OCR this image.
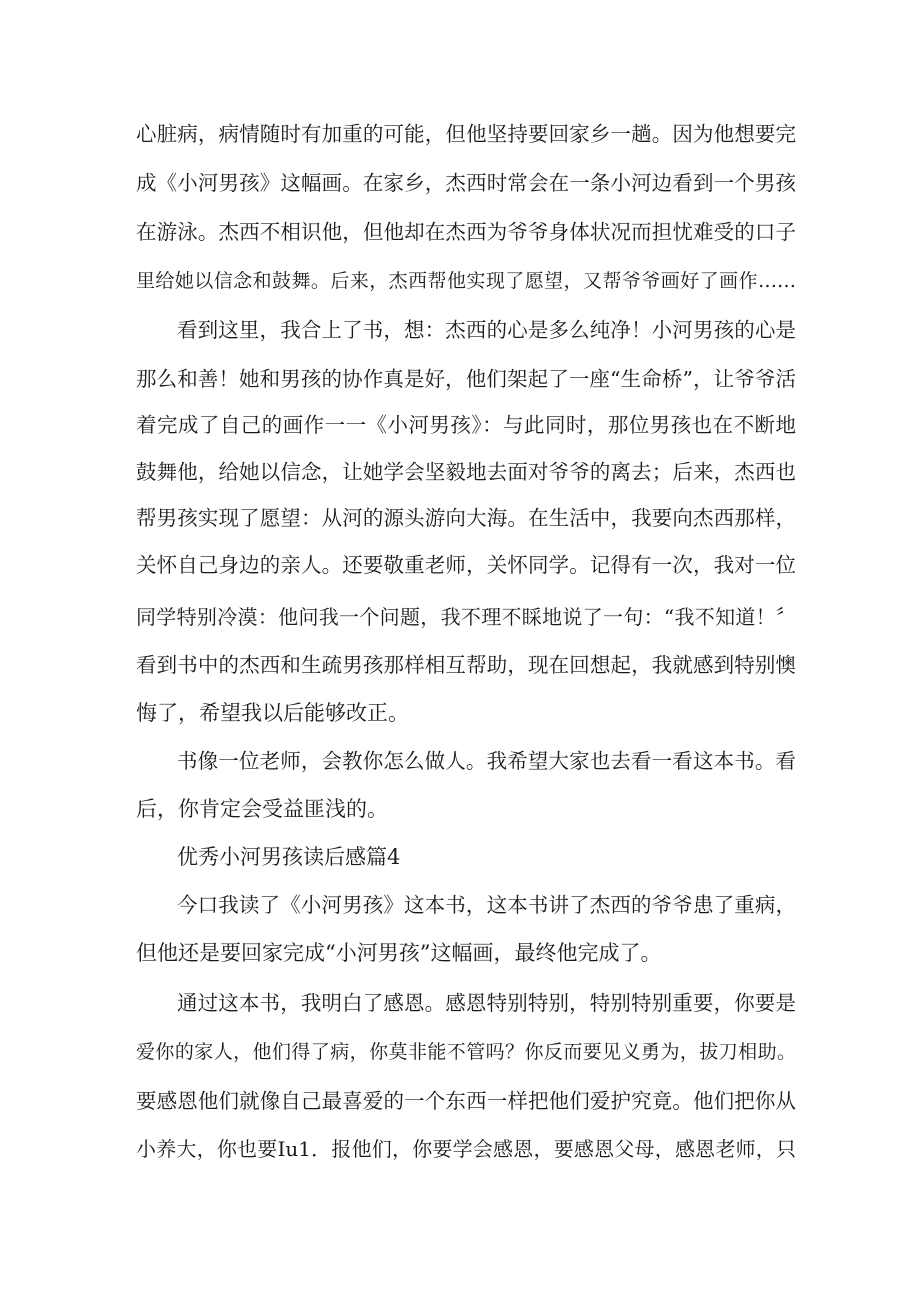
心脏病，病情随时有加重的可能，但他坚持要回家乡一趟。因为他想要完
成《小河男孩》这幅画。在家乡，杰西时常会在一条小河边看到一个男孩
在游泳。杰西不相识他，但他却在杰西为爷爷身体状况而担忧难受的口子
里给她以信念和鼓舞。后来，杰西帮他实现了愿望，又帮爷爷画好了画作……
看到这里，我合上了书，想：杰西的心是多么纯净！小河男孩的心是
那么和善！她和男孩的协作真是好，他们架起了一座“生命桥”，让爷爷活
着完成了自己的画作一一《小河男孩》：与此同时，那位男孩也在不断地
鼓舞他，给她以信念，让她学会坚毅地去面对爷爷的离去；后来，杰西也
帮男孩实现了愿望：从河的源头游向大海。在生活中，我要向杰西那样，
关怀自己身边的亲人。还要敬重老师，关怀同学。记得有一次，我对一位
同学特别冷漠：他问我一个问题，我不理不睬地说了一句：“我不知道！〞
看到书中的杰西和生疏男孩那样相互帮助，现在回想起，我就感到特别懊
悔了，希望我以后能够改正。
书像一位老师，会教你怎么做人。我希望大家也去看一看这本书。看
后，你肯定会受益匪浅的。
优秀小河男孩读后感篇4
今口我读了《小河男孩》这本书，这本书讲了杰西的爷爷患了重病，
但他还是要回家完成“小河男孩”这幅画，最终他完成了。
通过这本书，我明白了感恩。感恩特别特别，特别特别重要，你要是
爱你的家人，他们得了病，你莫非能不管吗？你反而要见义勇为，拔刀相助。
要感恩他们就像自己最喜爱的一个东西一样把他们爱护究竟。他们把你从
小养大，你也要Iu1．报他们，你要学会感恩，要感恩父母，感恩老师，只
